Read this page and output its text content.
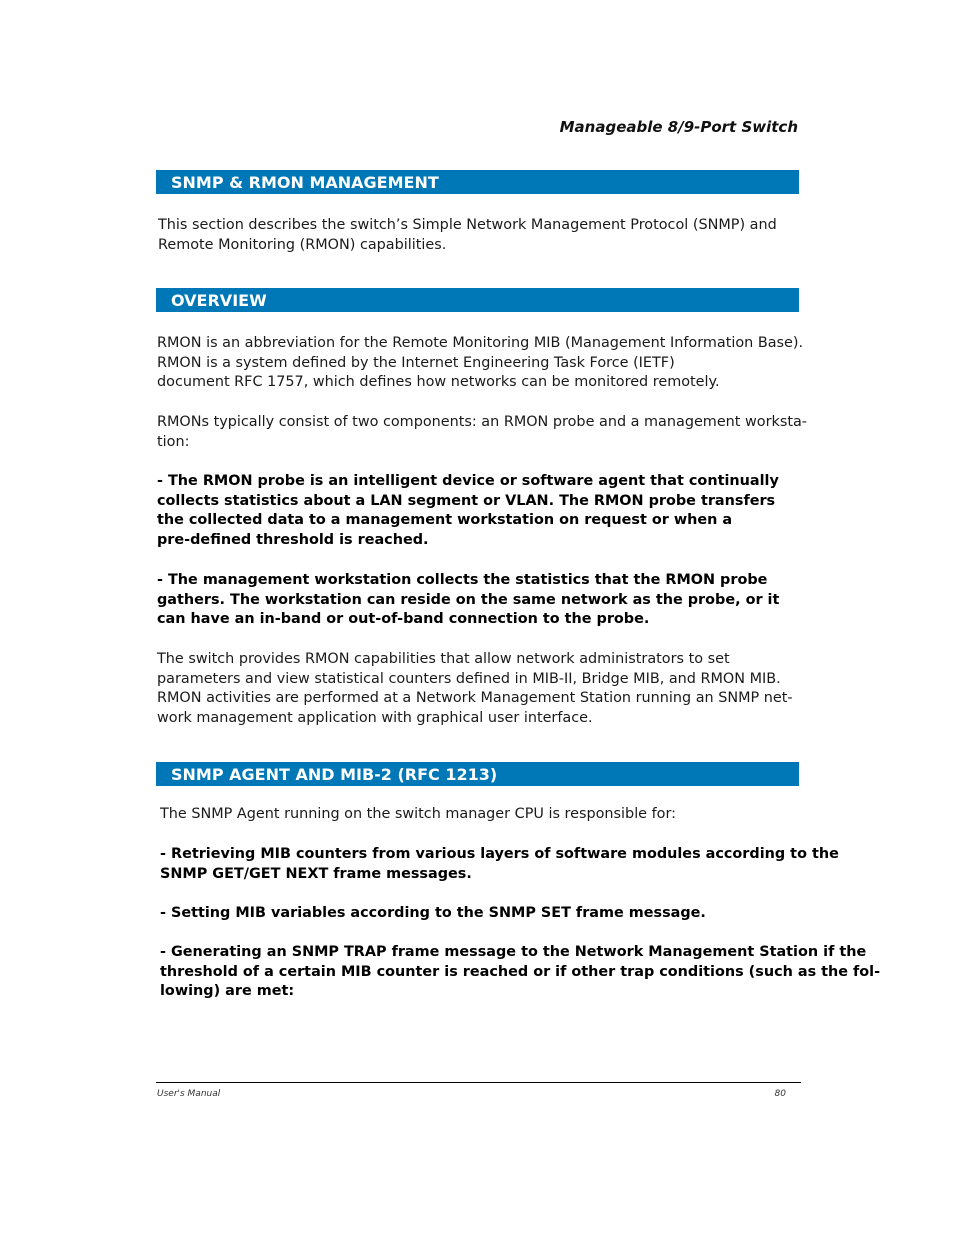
Manageable 8/9-Port Switch
SNMP & RMON MANAGEMENT
This section describes the switch’s Simple Network Management Protocol (SNMP) and
Remote Monitoring (RMON) capabilities.
OVERVIEW
RMON is an abbreviation for the Remote Monitoring MIB (Management Information Base).
RMON is a system defined by the Internet Engineering Task Force (IETF)
document RFC 1757, which defines how networks can be monitored remotely.
RMONs typically consist of two components: an RMON probe and a management worksta-
tion:
- The RMON probe is an intelligent device or software agent that continually
collects statistics about a LAN segment or VLAN. The RMON probe transfers
the collected data to a management workstation on request or when a
pre-defined threshold is reached.
- The management workstation collects the statistics that the RMON probe
gathers. The workstation can reside on the same network as the probe, or it
can have an in-band or out-of-band connection to the probe.
The switch provides RMON capabilities that allow network administrators to set
parameters and view statistical counters defined in MIB-II, Bridge MIB, and RMON MIB.
RMON activities are performed at a Network Management Station running an SNMP net-
work management application with graphical user interface.
SNMP AGENT AND MIB-2 (RFC 1213)
The SNMP Agent running on the switch manager CPU is responsible for:
- Retrieving MIB counters from various layers of software modules according to the
SNMP GET/GET NEXT frame messages.
- Setting MIB variables according to the SNMP SET frame message.
- Generating an SNMP TRAP frame message to the Network Management Station if the
threshold of a certain MIB counter is reached or if other trap conditions (such as the fol-
lowing) are met:
User's Manual	80
